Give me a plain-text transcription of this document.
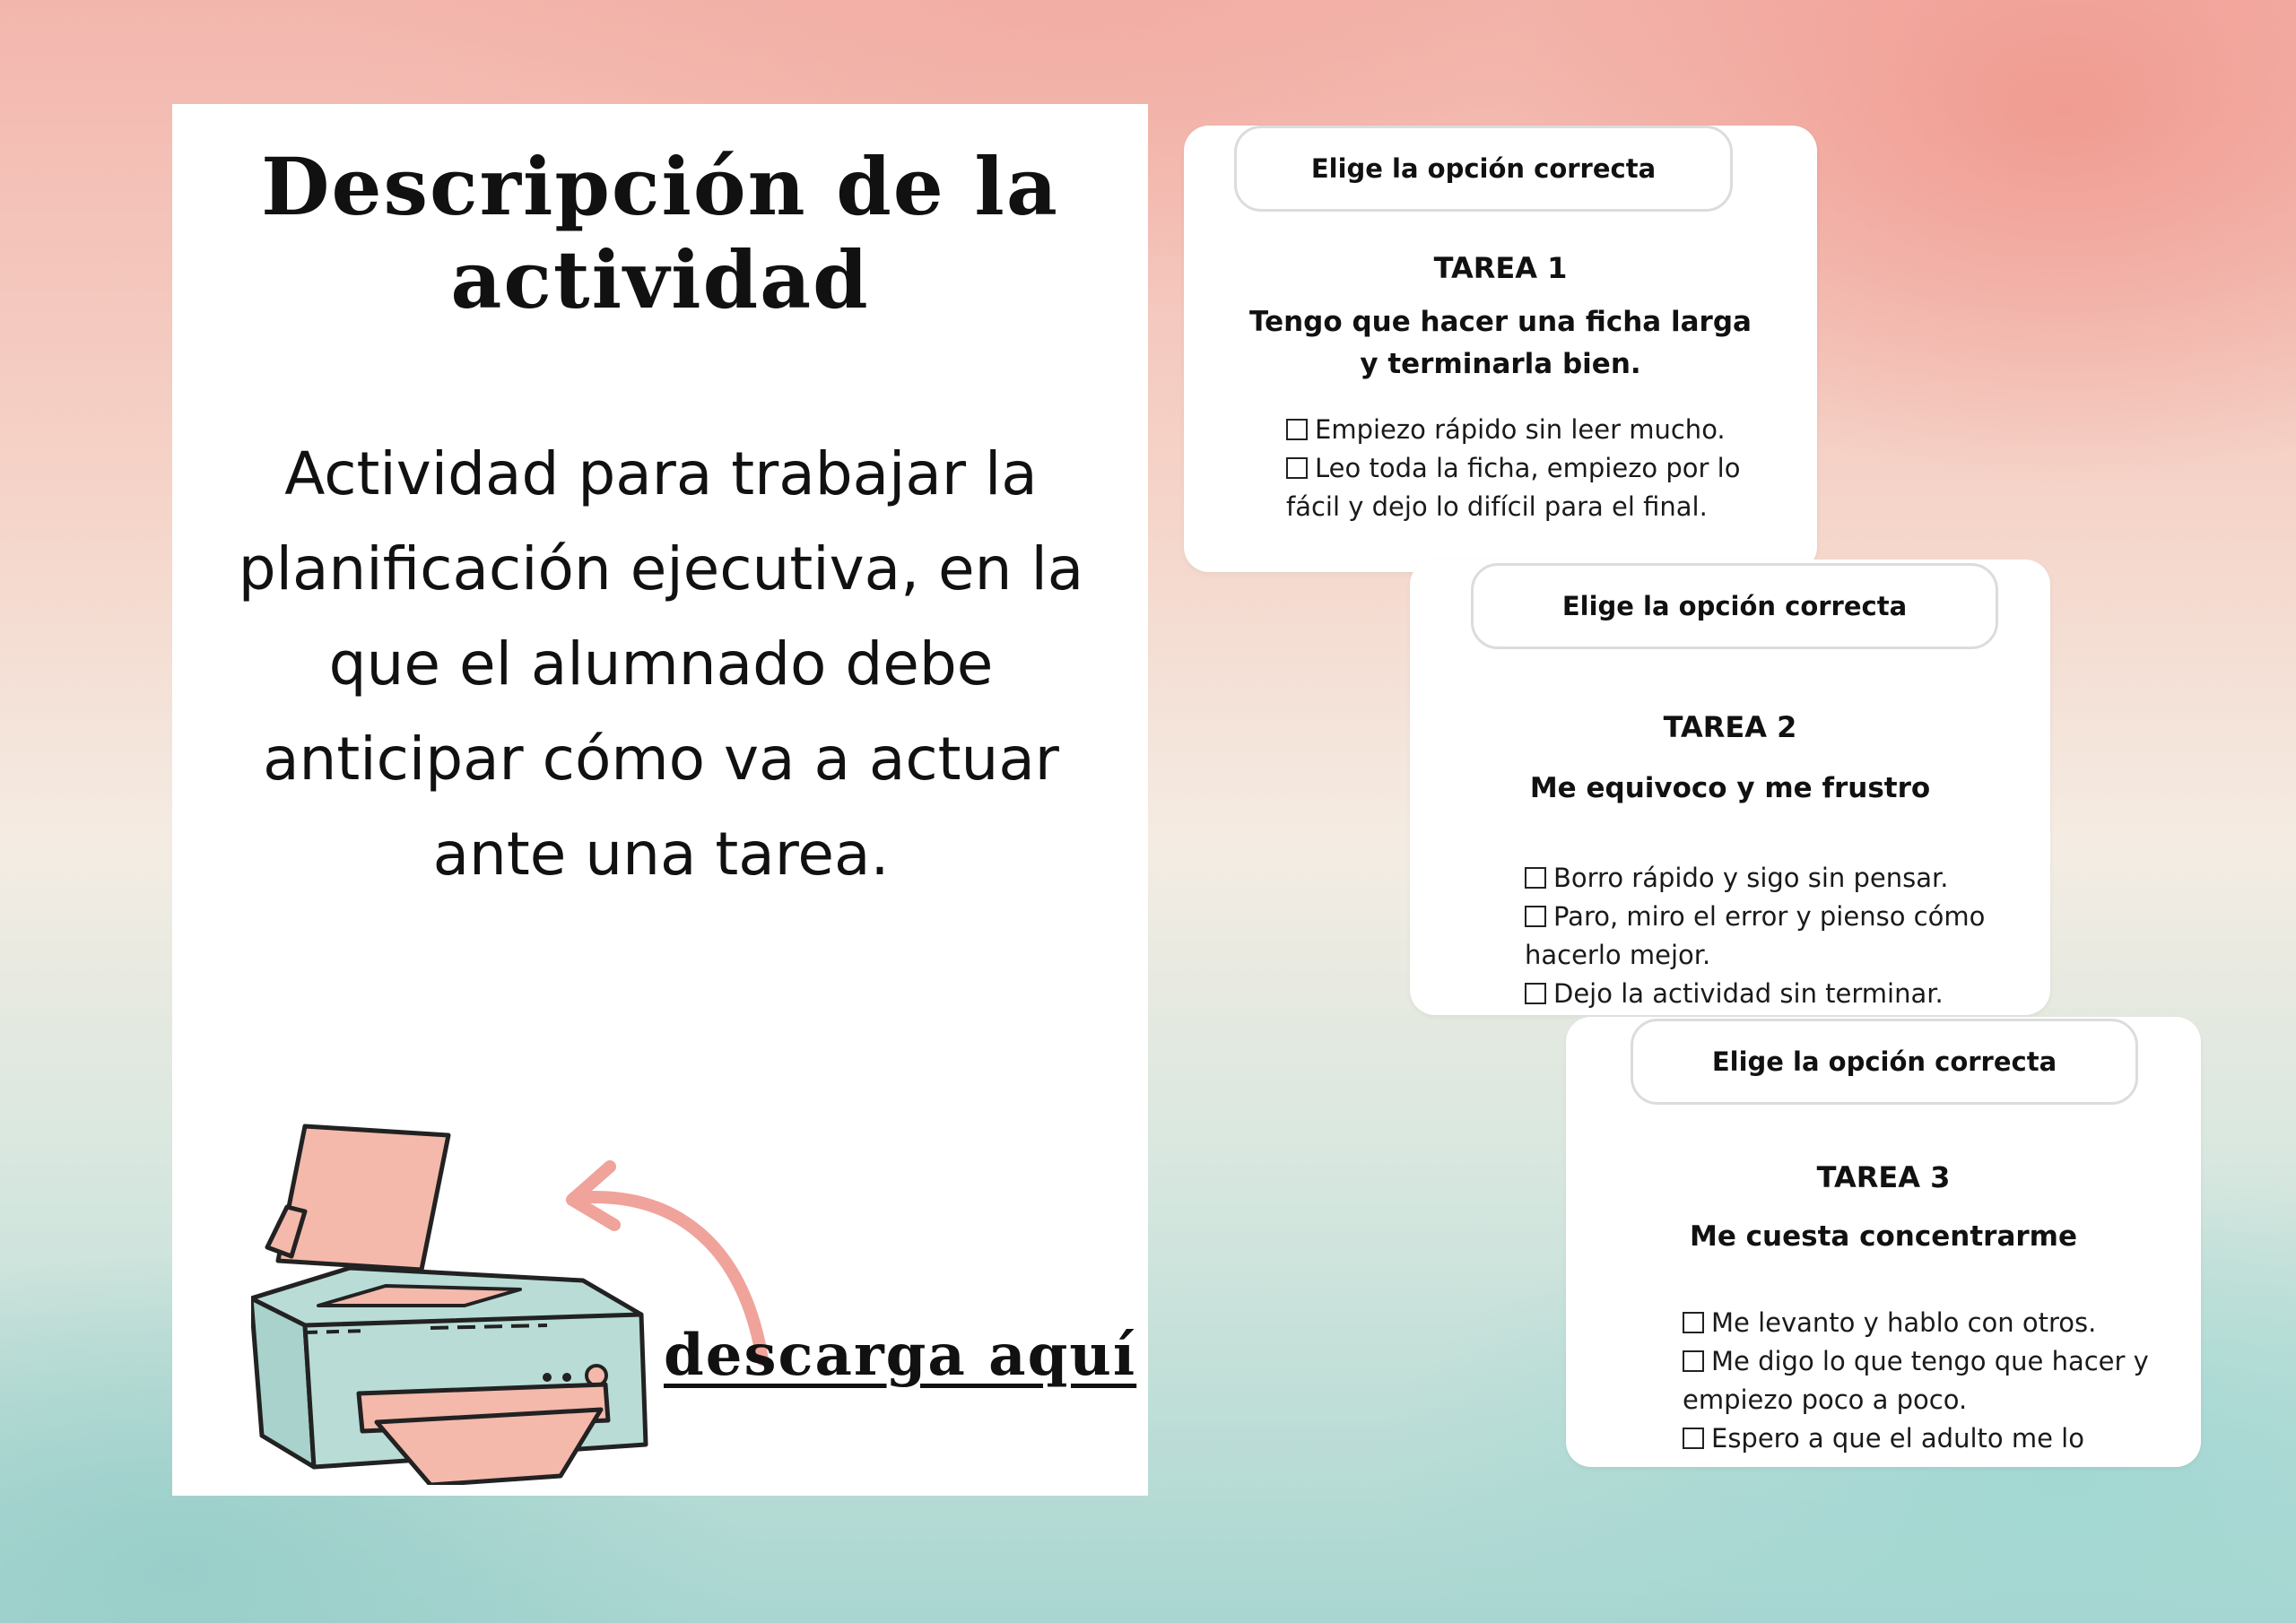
Descripción de la actividad
Actividad para trabajar la planificación ejecutiva, en la que el alumnado debe anticipar cómo va a actuar ante una tarea.
descarga aquí
Elige la opción correcta
TAREA 1
Tengo que hacer una ficha larga
y terminarla bien.
Empiezo rápido sin leer mucho.
Leo toda la ficha, empiezo por lo fácil y dejo lo difícil para el final.
Elige la opción correcta
TAREA 2
Me equivoco y me frustro
Borro rápido y sigo sin pensar.
Paro, miro el error y pienso cómo hacerlo mejor.
Dejo la actividad sin terminar.
Elige la opción correcta
TAREA 3
Me cuesta concentrarme
Me levanto y hablo con otros.
Me digo lo que tengo que hacer y empiezo poco a poco.
Espero a que el adulto me lo
